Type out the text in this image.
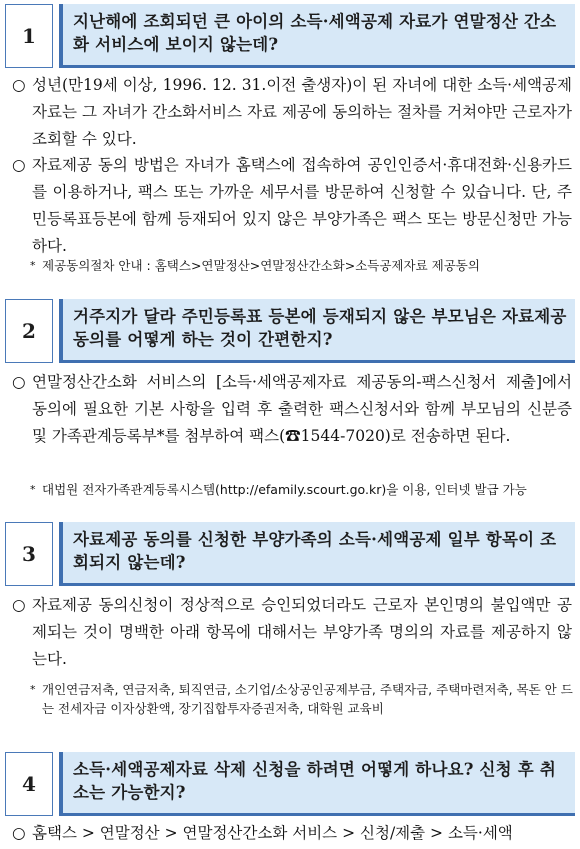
1
지난해에 조회되던 큰 아이의 소득·세액공제 자료가 연말정산 간소화 서비스에 보이지 않는데?
○ 성년(만19세 이상, 1996. 12. 31.이전 출생자)이 된 자녀에 대한 소득·세액공제 자료는 그 자녀가 간소화서비스 자료 제공에 동의하는 절차를 거쳐야만 근로자가 조회할 수 있다.
○ 자료제공 동의 방법은 자녀가 홈택스에 접속하여 공인인증서·휴대전화·신용카드를 이용하거나, 팩스 또는 가까운 세무서를 방문하여 신청할 수 있습니다. 단, 주민등록표등본에 함께 등재되어 있지 않은 부양가족은 팩스 또는 방문신청만 가능하다.
* 제공동의절차 안내 : 홈택스>연말정산>연말정산간소화>소득공제자료 제공동의
2
거주지가 달라 주민등록표 등본에 등재되지 않은 부모님은 자료제공 동의를 어떻게 하는 것이 간편한지?
○ 연말정산간소화 서비스의 [소득·세액공제자료 제공동의-팩스신청서 제출]에서 동의에 필요한 기본 사항을 입력 후 출력한 팩스신청서와 함께 부모님의 신분증 및 가족관계등록부*를 첨부하여 팩스(☎1544-7020)로 전송하면 된다.
* 대법원 전자가족관계등록시스템(http://efamily.scourt.go.kr)을 이용, 인터넷 발급 가능
3
자료제공 동의를 신청한 부양가족의 소득·세액공제 일부 항목이 조회되지 않는데?
○ 자료제공 동의신청이 정상적으로 승인되었더라도 근로자 본인명의 불입액만 공제되는 것이 명백한 아래 항목에 대해서는 부양가족 명의의 자료를 제공하지 않는다.
* 개인연금저축, 연금저축, 퇴직연금, 소기업/소상공인공제부금, 주택자금, 주택마련저축, 목돈 안 드는 전세자금 이자상환액, 장기집합투자증권저축, 대학원 교육비
4
소득·세액공제자료 삭제 신청을 하려면 어떻게 하나요? 신청 후 취소는 가능한지?
○ 홈택스 > 연말정산 > 연말정산간소화 서비스 > 신청/제출 > 소득·세액
